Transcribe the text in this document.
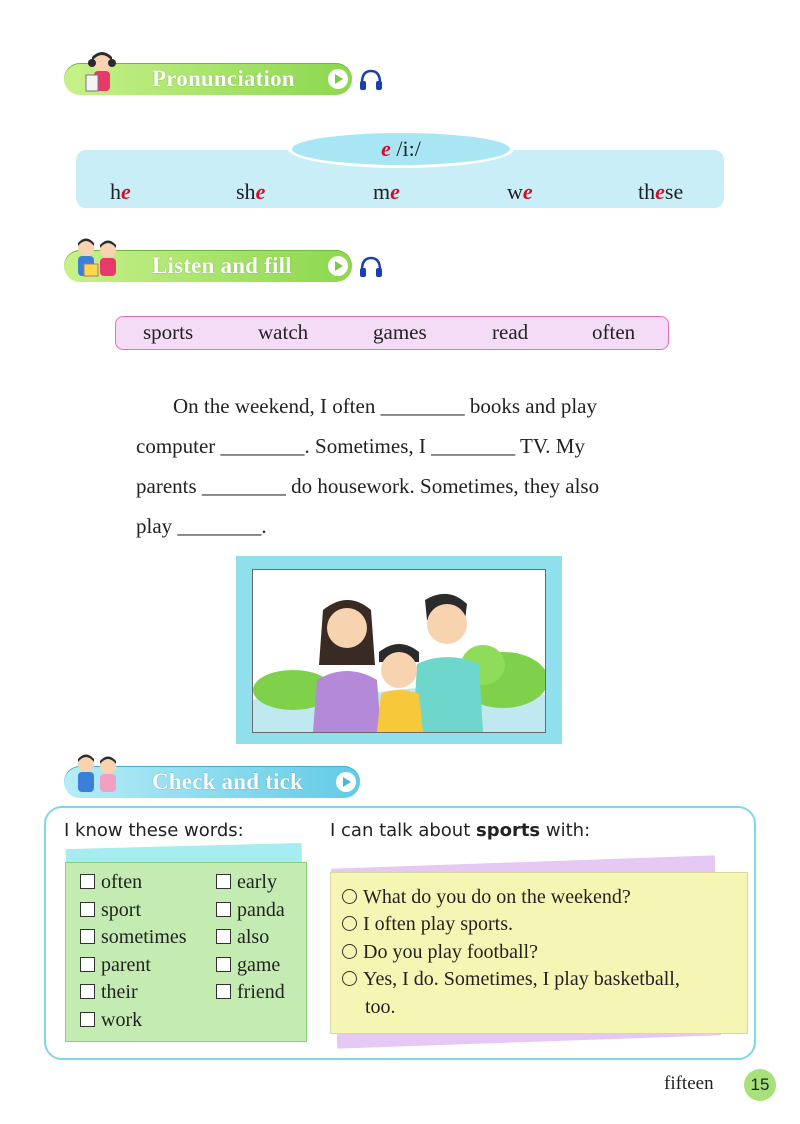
Pronunciation
e /i:/
he	she	me	we	these
Listen and fill
sports	watch	games	read	often
On the weekend, I often ________ books and play
computer ________. Sometimes, I ________ TV. My
parents ________ do housework. Sometimes, they also
play ________.
Check and tick
I know these words:	I can talk about sports with:
often
sport
sometimes
parent
their
work
early
panda
also
game
friend
What do you do on the weekend?
I often play sports.
Do you play football?
Yes, I do. Sometimes, I play basketball,
too.
fifteen	15
